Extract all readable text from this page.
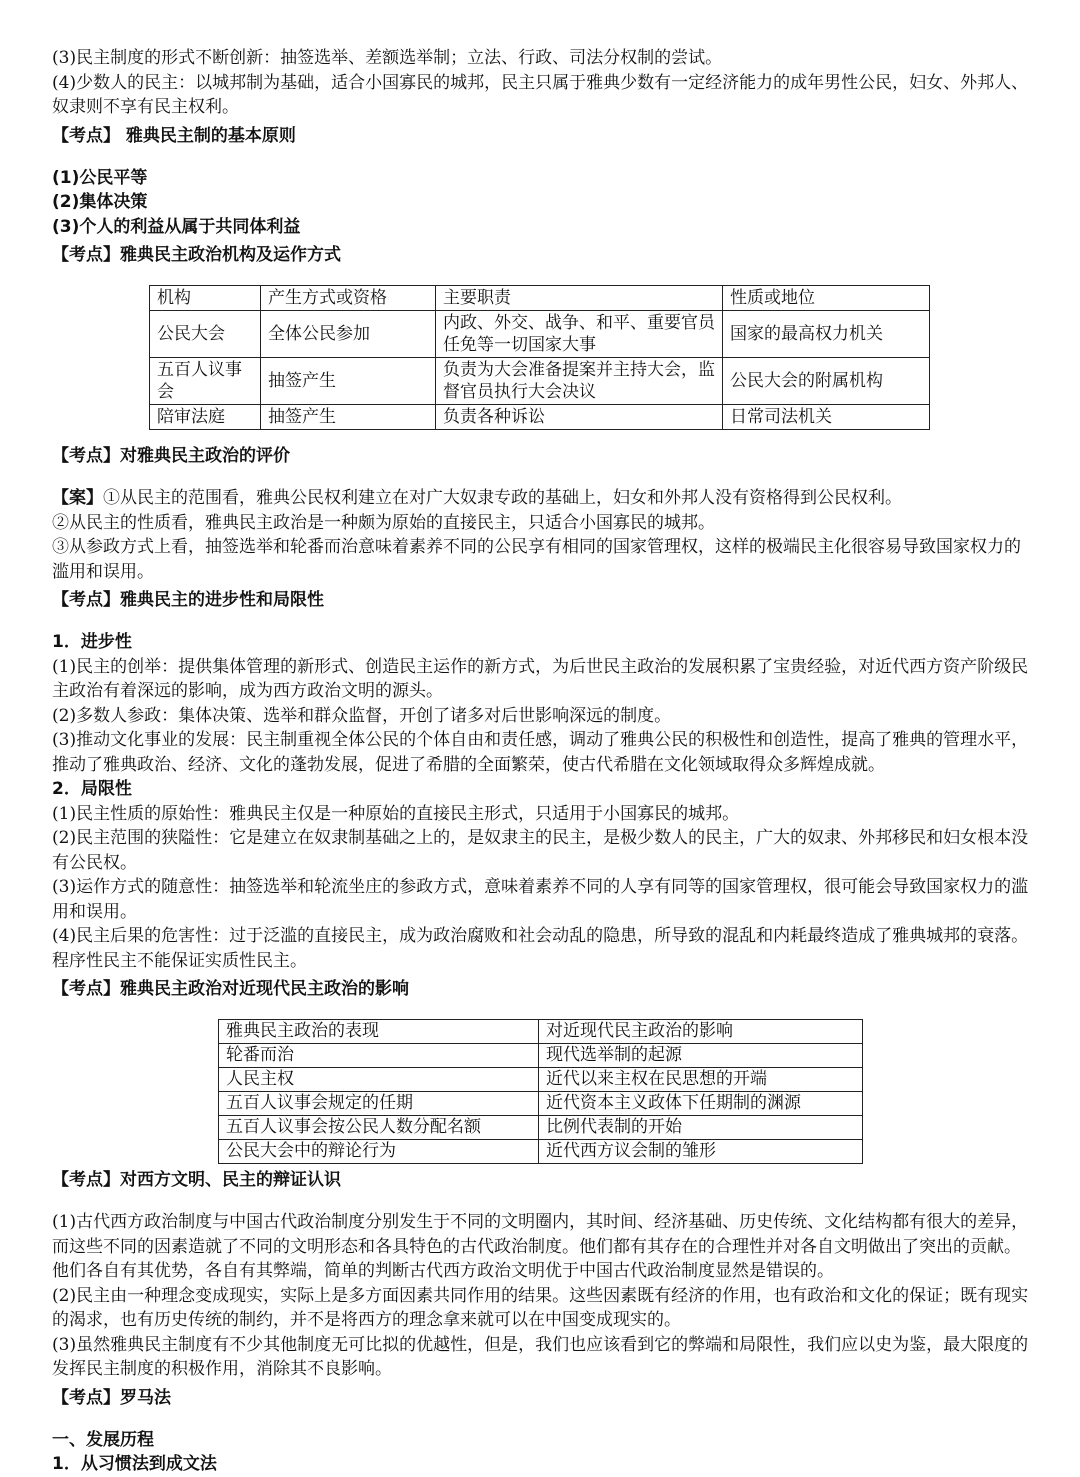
(3)民主制度的形式不断创新：抽签选举、差额选举制；立法、行政、司法分权制的尝试。

(4)少数人的民主：以城邦制为基础，适合小国寡民的城邦，民主只属于雅典少数有一定经济能力的成年男性公民，妇女、外邦人、奴隶则不享有民主权利。

【考点】 雅典民主制的基本原则

(1)公民平等

(2)集体决策

(3)个人的利益从属于共同体利益

【考点】雅典民主政治机构及运作方式

机构	产生方式或资格	主要职责	性质或地位
公民大会	全体公民参加	内政、外交、战争、和平、重要官员任免等一切国家大事	国家的最高权力机关
五百人议事会	抽签产生	负责为大会准备提案并主持大会，监督官员执行大会决议	公民大会的附属机构
陪审法庭	抽签产生	负责各种诉讼	日常司法机关

【考点】对雅典民主政治的评价

【案】①从民主的范围看，雅典公民权利建立在对广大奴隶专政的基础上，妇女和外邦人没有资格得到公民权利。

②从民主的性质看，雅典民主政治是一种颇为原始的直接民主，只适合小国寡民的城邦。

③从参政方式上看，抽签选举和轮番而治意味着素养不同的公民享有相同的国家管理权，这样的极端民主化很容易导致国家权力的滥用和误用。

【考点】雅典民主的进步性和局限性

1．进步性

(1)民主的创举：提供集体管理的新形式、创造民主运作的新方式，为后世民主政治的发展积累了宝贵经验，对近代西方资产阶级民主政治有着深远的影响，成为西方政治文明的源头。

(2)多数人参政：集体决策、选举和群众监督，开创了诸多对后世影响深远的制度。

(3)推动文化事业的发展：民主制重视全体公民的个体自由和责任感，调动了雅典公民的积极性和创造性，提高了雅典的管理水平，推动了雅典政治、经济、文化的蓬勃发展，促进了希腊的全面繁荣，使古代希腊在文化领域取得众多辉煌成就。

2．局限性

(1)民主性质的原始性：雅典民主仅是一种原始的直接民主形式，只适用于小国寡民的城邦。

(2)民主范围的狭隘性：它是建立在奴隶制基础之上的，是奴隶主的民主，是极少数人的民主，广大的奴隶、外邦移民和妇女根本没有公民权。

(3)运作方式的随意性：抽签选举和轮流坐庄的参政方式，意味着素养不同的人享有同等的国家管理权，很可能会导致国家权力的滥用和误用。

(4)民主后果的危害性：过于泛滥的直接民主，成为政治腐败和社会动乱的隐患，所导致的混乱和内耗最终造成了雅典城邦的衰落。程序性民主不能保证实质性民主。

【考点】雅典民主政治对近现代民主政治的影响

雅典民主政治的表现	对近现代民主政治的影响
轮番而治	现代选举制的起源
人民主权	近代以来主权在民思想的开端
五百人议事会规定的任期	近代资本主义政体下任期制的渊源
五百人议事会按公民人数分配名额	比例代表制的开始
公民大会中的辩论行为	近代西方议会制的雏形

【考点】对西方文明、民主的辩证认识

(1)古代西方政治制度与中国古代政治制度分别发生于不同的文明圈内，其时间、经济基础、历史传统、文化结构都有很大的差异，而这些不同的因素造就了不同的文明形态和各具特色的古代政治制度。他们都有其存在的合理性并对各自文明做出了突出的贡献。他们各自有其优势，各自有其弊端，简单的判断古代西方政治文明优于中国古代政治制度显然是错误的。

(2)民主由一种理念变成现实，实际上是多方面因素共同作用的结果。这些因素既有经济的作用，也有政治和文化的保证；既有现实的渴求，也有历史传统的制约，并不是将西方的理念拿来就可以在中国变成现实的。

(3)虽然雅典民主制度有不少其他制度无可比拟的优越性，但是，我们也应该看到它的弊端和局限性，我们应以史为鉴，最大限度的发挥民主制度的积极作用，消除其不良影响。

【考点】罗马法

一、发展历程

1．从习惯法到成文法
